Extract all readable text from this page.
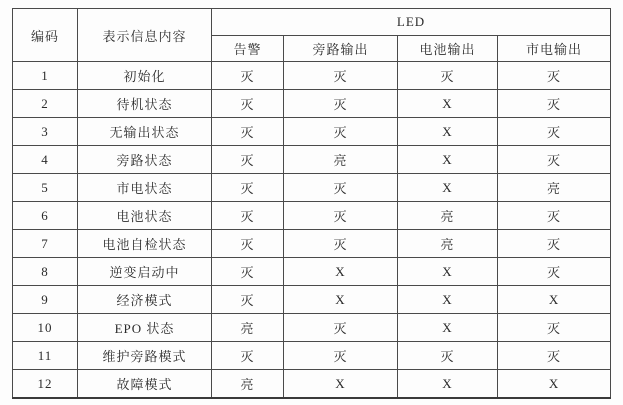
编码	表示信息内容	LED			
		告警	旁路输出	电池输出	市电输出
1	初始化	灭	灭	灭	灭
2	待机状态	灭	灭	X	灭
3	无输出状态	灭	灭	X	灭
4	旁路状态	灭	亮	X	灭
5	市电状态	灭	灭	X	亮
6	电池状态	灭	灭	亮	灭
7	电池自检状态	灭	灭	亮	灭
8	逆变启动中	灭	X	X	灭
9	经济模式	灭	X	X	X
10	EPO 状态	亮	灭	X	灭
11	维护旁路模式	灭	灭	灭	灭
12	故障模式	亮	X	X	X
